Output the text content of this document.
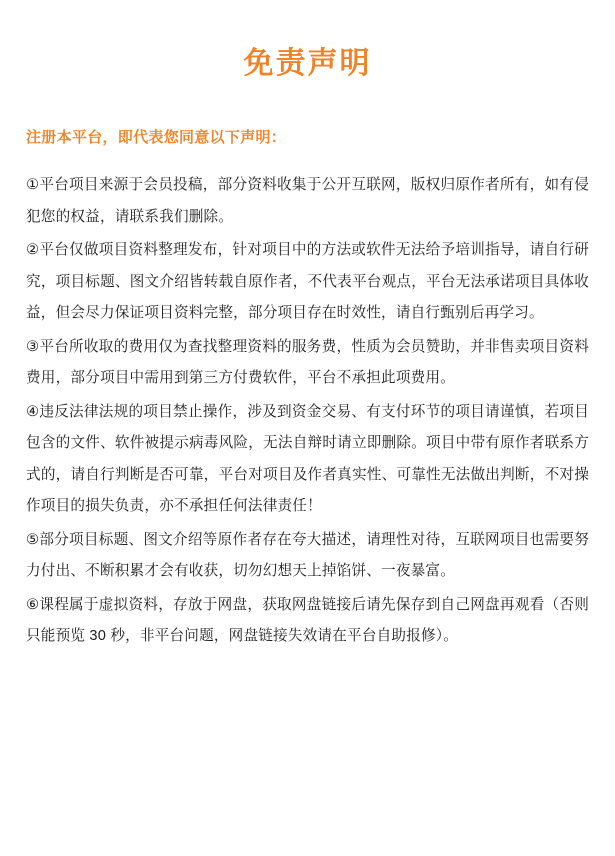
免责声明
注册本平台，即代表您同意以下声明：

①平台项目来源于会员投稿，部分资料收集于公开互联网，版权归原作者所有，如有侵犯您的权益，请联系我们删除。

②平台仅做项目资料整理发布，针对项目中的方法或软件无法给予培训指导，请自行研究，项目标题、图文介绍皆转载自原作者，不代表平台观点，平台无法承诺项目具体收益，但会尽力保证项目资料完整，部分项目存在时效性，请自行甄别后再学习。

③平台所收取的费用仅为查找整理资料的服务费，性质为会员赞助，并非售卖项目资料费用，部分项目中需用到第三方付费软件，平台不承担此项费用。

④违反法律法规的项目禁止操作，涉及到资金交易、有支付环节的项目请谨慎，若项目包含的文件、软件被提示病毒风险，无法自辩时请立即删除。项目中带有原作者联系方式的，请自行判断是否可靠，平台对项目及作者真实性、可靠性无法做出判断，不对操作项目的损失负责，亦不承担任何法律责任！

⑤部分项目标题、图文介绍等原作者存在夸大描述，请理性对待，互联网项目也需要努力付出、不断积累才会有收获，切勿幻想天上掉馅饼、一夜暴富。

⑥课程属于虚拟资料，存放于网盘，获取网盘链接后请先保存到自己网盘再观看（否则只能预览 30 秒，非平台问题，网盘链接失效请在平台自助报修）。
